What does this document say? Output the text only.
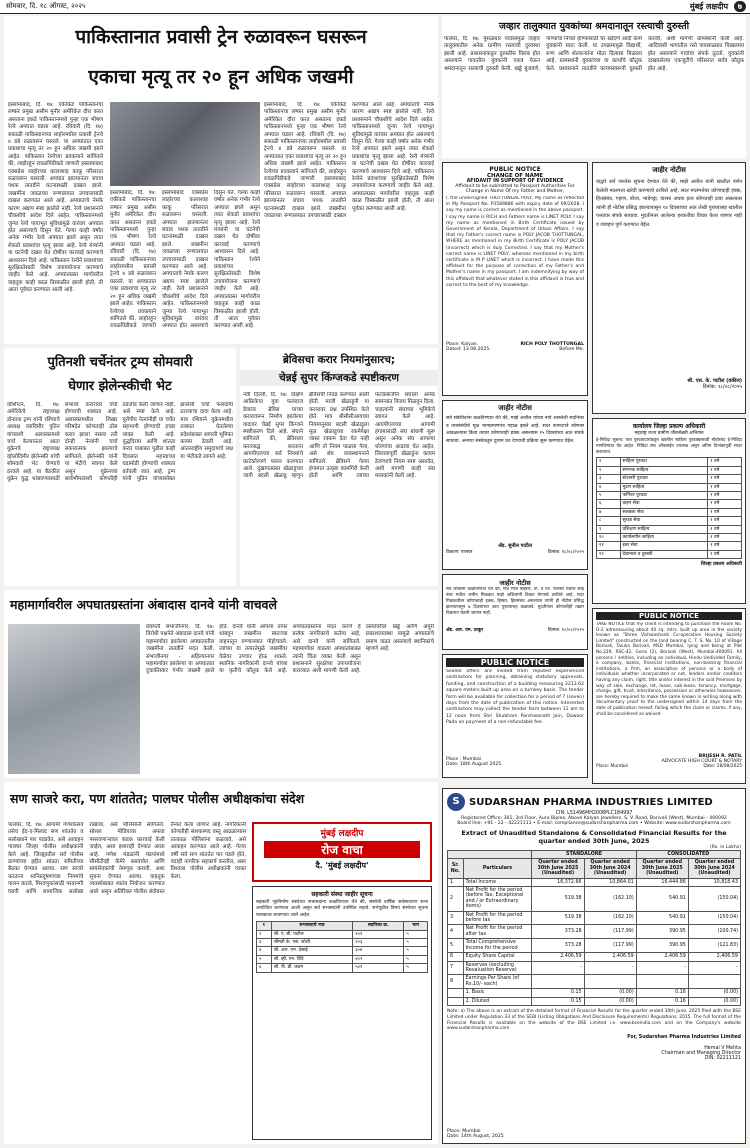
सोमवार, दि. १८ ऑगस्ट, २०२५	मुंबई लक्षदीप	७
पाकिस्तानात प्रवासी ट्रेन रुळावरून घसरून
एकाचा मृत्यू तर २० हून अधिक जखमी
इस्लामाबाद, दि. १७: एकीकडे पाकिस्तानचा लष्कर प्रमुख असीम मुनीर अमेरिकेत दौरा करत असताना इकडे पाकिस्तानमध्ये पुन्हा एक भीषण रेल्वे अपघात घडला आहे. रविवारी (दि. १७) सकाळी पाकिस्तानच्या लाहोरमधील प्रवासी ट्रेनचे ४ डबे रुळावरून घसरले. या अपघातात एका प्रवाशाचा मृत्यू तर २० हून अधिक जखमी झाले आहेत. पाकिस्तान रेल्वेच्या प्रवक्त्याने सांगितले की, लाहोरहून रावळपिंडीकडे जाणारी इस्लामाबाद एक्सप्रेस लाहोरच्या कालाशाह काकू परिसरात रुळावरून घसरली. अपघात झाल्यानंतर बचाव पथक तातडीने घटनास्थळी दाखल झाले. जखमींना जवळच्या रुग्णालयात उपचारासाठी दाखल करण्यात आले आहे. अपघाताचे नेमके कारण अद्याप स्पष्ट झालेले नाही. रेल्वे प्रशासनाने चौकशीचे आदेश दिले आहेत. पाकिस्तानमध्ये जुन्या रेल्वे पायाभूत सुविधांमुळे वारंवार अपघात होत असल्याचे दिसून येते. गेल्या काही वर्षांत अनेक गंभीर रेल्वे अपघात झाले असून त्यात शेकडो प्रवाशांचा मृत्यू झाला आहे. रेल्वे मंत्र्यांनी या घटनेची दखल घेत दोषींवर कारवाई करण्याचे आश्वासन दिले आहे. पाकिस्तान रेल्वेने प्रवाशांच्या सुरक्षिततेसाठी विशेष उपाययोजना करण्याचे जाहीर केले आहे. अपघातग्रस्त मार्गावरील वाहतूक काही काळ विस्कळीत झाली होती, ती आता पूर्ववत करण्यात आली आहे.
इस्लामाबाद, दि. १७: एकीकडे पाकिस्तानचा लष्कर प्रमुख असीम मुनीर अमेरिकेत दौरा करत असताना इकडे पाकिस्तानमध्ये पुन्हा एक भीषण रेल्वे अपघात घडला आहे. रविवारी (दि. १७) सकाळी पाकिस्तानच्या लाहोरमधील प्रवासी ट्रेनचे ४ डबे रुळावरून घसरले. या अपघातात एका प्रवाशाचा मृत्यू तर २० हून अधिक जखमी झाले आहेत. पाकिस्तान रेल्वेच्या प्रवक्त्याने सांगितले की, लाहोरहून रावळपिंडीकडे जाणारी इस्लामाबाद एक्सप्रेस लाहोरच्या कालाशाह काकू परिसरात रुळावरून घसरली. अपघात झाल्यानंतर बचाव पथक तातडीने घटनास्थळी दाखल झाले. जखमींना जवळच्या रुग्णालयात उपचारासाठी दाखल करण्यात आले आहे. अपघाताचे नेमके कारण अद्याप स्पष्ट झालेले नाही. रेल्वे प्रशासनाने चौकशीचे आदेश दिले आहेत. पाकिस्तानमध्ये जुन्या रेल्वे पायाभूत सुविधांमुळे वारंवार अपघात होत असल्याचे दिसून येते. गेल्या काही वर्षांत अनेक गंभीर रेल्वे अपघात झाले असून त्यात शेकडो प्रवाशांचा मृत्यू झाला आहे. रेल्वे मंत्र्यांनी या घटनेची दखल घेत दोषींवर कारवाई करण्याचे आश्वासन दिले आहे. पाकिस्तान रेल्वेने प्रवाशांच्या सुरक्षिततेसाठी विशेष उपाययोजना करण्याचे जाहीर केले आहे. अपघातग्रस्त मार्गावरील वाहतूक काही काळ विस्कळीत झाली होती, ती आता पूर्ववत करण्यात आली आहे.
इस्लामाबाद, दि. १७: एकीकडे पाकिस्तानचा लष्कर प्रमुख असीम मुनीर अमेरिकेत दौरा करत असताना इकडे पाकिस्तानमध्ये पुन्हा एक भीषण रेल्वे अपघात घडला आहे. रविवारी (दि. १७) सकाळी पाकिस्तानच्या लाहोरमधील प्रवासी ट्रेनचे ४ डबे रुळावरून घसरले. या अपघातात एका प्रवाशाचा मृत्यू तर २० हून अधिक जखमी झाले आहेत. पाकिस्तान रेल्वेच्या प्रवक्त्याने सांगितले की, लाहोरहून रावळपिंडीकडे जाणारी इस्लामाबाद एक्सप्रेस लाहोरच्या कालाशाह काकू परिसरात रुळावरून घसरली. अपघात झाल्यानंतर बचाव पथक तातडीने घटनास्थळी दाखल झाले. जखमींना जवळच्या रुग्णालयात उपचारासाठी दाखल करण्यात आले आहे. अपघाताचे नेमके कारण अद्याप स्पष्ट झालेले नाही. रेल्वे प्रशासनाने चौकशीचे आदेश दिले आहेत. पाकिस्तानमध्ये जुन्या रेल्वे पायाभूत सुविधांमुळे वारंवार अपघात होत असल्याचे दिसून येते. गेल्या काही वर्षांत अनेक गंभीर रेल्वे अपघात झाले असून त्यात शेकडो प्रवाशांचा मृत्यू झाला आहे. रेल्वे मंत्र्यांनी या घटनेची दखल घेत दोषींवर कारवाई करण्याचे आश्वासन दिले आहे. पाकिस्तान रेल्वेने प्रवाशांच्या सुरक्षिततेसाठी विशेष उपाययोजना करण्याचे जाहीर केले आहे. अपघातग्रस्त मार्गावरील वाहतूक काही काळ विस्कळीत झाली होती, ती आता पूर्ववत करण्यात आली आहे.
जव्हार तालुक्यात युवकांच्या श्रमदानातून रस्त्याची दुरुस्ती
पालघर, दि. १७: मुसळधार पावसामुळे जव्हार तालुक्यातील अनेक ग्रामीण रस्त्यांची दुरवस्था झाली आहे. प्रशासनाकडून दुरुस्तीस विलंब होत असल्याने गावातील युवकांनी एकत्र येऊन श्रमदानातून रस्त्याची दुरुस्ती केली. खड्डे बुजवणे, पाण्याचा निचरा होण्यासाठी चर खोदणे आदी कामे युवकांनी स्वतः केली. या उपक्रमामुळे विद्यार्थी, रुग्ण आणि शेतकऱ्यांना मोठा दिलासा मिळाला आहे. ग्रामस्थांनी युवकांच्या या कार्याचे कौतुक केले. प्रशासनाने तातडीने कायमस्वरूपी दुरुस्ती करावी, अशी मागणी ग्रामस्थांनी केली आहे. आदिवासी भागातील रस्ते पावसाळ्यात चिखलमय होत असल्याने गावांचा संपर्क तुटतो. युवकांनी दाखवलेल्या एकजुटीचे परिसरात सर्वत्र कौतुक होत आहे.
PUBLIC NOTICE
CHANGE OF NAME
AFIDAVIT IN SUPPORT OF EVIDENCE
Affidavit to be submitted to Passport Authorities For Change in Name Of my Father and Mother,
I, the undersigned THOTTUNGAL POLY, My name as reflected in My Passport No. P3589886 with expiry date of 09/2028. I say my name is correct as mentioned in the above passport. I say my name is RICH and Fathers name is LINET POLY. I say my name as mentioned in Birth Certificate issued by Government of Kerala, Department of Urban Affairs. I say that my Father's correct name is POLY JACOB THOTTUNGAL, WHERE as mentioned in my Birth Certificate is POLY JACOB (incorrect) which is duly Corrected. I say that my Mother's correct name is LINET POLY, whereas mentioned in my birth certificate is M P LINET which is incorrect. I have made this affidavit for the purpose of correction of my Father's and Mother's name in my passport. I am indemnifying by way of this affidavit that whatever stated in this affidavit is true and correct to the best of my knowledge.
Place: Kalyan.
Dated: 13.08.2025.
RICH POLY THOTTUNGAL
Before Me.
जाहीर नोटीस
याद्वारे सर्व जनतेस सूचना देण्यात येते की, माझे अशील यांनी खालील वर्णन केलेली मालमत्ता खरेदी करण्याचे ठरविले आहे. सदर मालमत्तेवर कोणाचाही हक्क, हितसंबंध, गहाण, बोजा, भाडेपट्टा, वारसा अथवा इतर कोणताही दावा असल्यास त्यांनी ही नोटीस प्रसिद्ध झाल्यापासून १४ दिवसांच्या आत लेखी पुराव्यासह खालील पत्त्यावर संपर्क साधावा. मुदतीनंतर आलेल्या हरकतींचा विचार केला जाणार नाही व व्यवहार पूर्ण करण्यात येईल.
श्री. एस. के. पाटील (वकील)
दिनांक: १८/०८/२०२५
पुतिनशी चर्चेनंतर ट्रम्प सोमवारी
घेणार झेलेन्स्कीची भेट
वॉशिंग्टन, दि. १७: अमेरिकेचे राष्ट्राध्यक्ष डोनाल्ड ट्रम्प यांनी रशियाचे अध्यक्ष व्लादिमीर पुतिन यांच्याशी अलास्कामध्ये चर्चा केल्यानंतर आता युक्रेनचे राष्ट्राध्यक्ष व्होलोदिमीर झेलेन्स्की यांची सोमवारी भेट घेण्याचे ठरवले आहे. या बैठकीत युक्रेन युद्ध थांबवण्यासाठी संभाव्य करारावर चर्चा होण्याची शक्यता आहे. अलास्कामधील शिखर परिषदेत कोणताही ठोस करार झाला नसला तरी दोन्ही नेत्यांनी चर्चा सकारात्मक झाल्याचे सांगितले. झेलेन्स्की यांनी या भेटीचे स्वागत केले असून युक्रेनच्या सार्वभौमत्वाशी कोणतीही तडजोड केली जाणार नाही, असे स्पष्ट केले आहे. युरोपीय नेत्यांनीही या चर्चेत सहभागी होण्याची इच्छा व्यक्त केली आहे. युद्धविराम आणि शांतता करार याबाबत पुढील काही दिवसांत महत्त्वाच्या घडामोडी होण्याची शक्यता वर्तवली जात आहे. ट्रम्प यांनी पुतिन यांच्यासोबत झालेली चर्चा फलदायी ठरल्याचा दावा केला आहे. मात्र रशियाने युक्रेनमधील ताब्यात घेतलेल्या प्रदेशांबाबत आपली भूमिका कायम ठेवली आहे. आंतरराष्ट्रीय समुदायाचे लक्ष या भेटीकडे लागले आहे.
ब्रेविसचा करार नियमांनुसारच;
चेन्नई सुपर किंग्जकडे स्पष्टीकरण
नवी दिल्ली, दि. १७: दक्षिण आफ्रिकेचा युवा फलंदाज डेवाल्ड ब्रेविस याच्या करारावरून निर्माण झालेल्या वादावर चेन्नई सुपर किंग्जने स्पष्टीकरण दिले आहे. संघाने सांगितले की, ब्रेविसला करारबद्ध करताना आयपीएलच्या सर्व नियमांचे काटेकोरपणे पालन करण्यात आले. दुखापतग्रस्त खेळाडूच्या जागी बदली खेळाडू म्हणून ब्रेविसची निवड करण्यात आली होती. माजी खेळाडूंनी या करारावर प्रश्न उपस्थित केले होते. मात्र बीसीसीआयच्या नियमानुसार बदली खेळाडूला मूळ खेळाडूच्या रकमेपेक्षा जास्त रक्कम देता येत नाही आणि तो नियम पाळला गेला, असे संघ व्यवस्थापनाने सांगितले. ब्रेविसने गेल्या हंगामात उत्कृष्ट कामगिरी केली होती आणि त्याच्या फटकेबाजीने संघाला अनेक सामन्यांत विजय मिळवून दिला. चाहत्यांनी संघाच्या भूमिकेचे स्वागत केले आहे. आयपीएलच्या आगामी हंगामासाठी संघ बांधणी सुरू असून अनेक संघ आपल्या धोरणांचा आढावा घेत आहेत. लिलावापूर्वी खेळाडूंना कायम ठेवण्याचे नियम स्पष्ट असावेत, अशी मागणी काही संघ मालकांनी केली आहे.
जाहीर नोटीस
सर्व संबंधितांना कळविण्यात येते की, माझे अशील यांच्या नावे असलेली सदनिका व त्यासंबंधीचे मूळ भागप्रमाणपत्र गहाळ झाले आहे. सदर कागदपत्रे कोणास आढळल्यास किंवा त्यावर कोणाचाही हक्क असल्यास १५ दिवसांच्या आत संपर्क साधावा. अन्यथा संस्थेकडून दुय्यम प्रत देण्याची प्रक्रिया सुरू करण्यात येईल.
ॲड. सुनील पाटील
ठिकाण: पालघर	दिनांक: १८/०८/२०२५
कार्यालय जिल्हा प्रकल्प अधिकारी
महाराष्ट्र राज्य ग्रामीण जीवनोन्नती अभियान
ई-निविदा सूचना: पात्र पुरवठादारांकडून खालील साहित्य पुरवठ्यासाठी मोहोरबंद ई-निविदा मागविण्यात येत आहेत. निविदा संच ऑनलाईन उपलब्ध असून अंतिम दिनांकापूर्वी सादर कराव्यात.
१	साहित्य पुरवठा	१ वर्ष
२	संगणक साहित्य	१ वर्ष
३	स्टेशनरी पुरवठा	१ वर्ष
४	मुद्रण साहित्य	१ वर्ष
५	फर्निचर पुरवठा	१ वर्ष
६	वाहन सेवा	१ वर्ष
७	स्वच्छता सेवा	१ वर्ष
८	सुरक्षा सेवा	१ वर्ष
९	प्रशिक्षण साहित्य	१ वर्ष
१०	कार्यालयीन साहित्य	१ वर्ष
११	इतर सेवा	१ वर्ष
१२	देखभाल व दुरुस्ती	१ वर्ष
जिल्हा प्रकल्प अधिकारी
जाहीर नोटीस
सर्व लोकांना कळविण्यात येते की, गाव मौजे बोईसर, ता. व जि. पालघर येथील सर्व्हे नंबर मधील जमीन मिळकत माझे अशिलांनी विकत घेण्याचे ठरविले आहे. सदर मिळकतीवर कोणाचाही हक्क, हिस्सा, हितसंबंध असल्यास त्यांनी ही नोटीस प्रसिद्ध झाल्यापासून ७ दिवसांच्या आत पुराव्यासह कळवावे. मुदतीनंतर कोणाचीही तक्रार विचारात घेतली जाणार नाही.
ॲड. आर. एम. ठाकूर	दिनांक: १८/०८/२०२५
PUBLIC NOTICE
Sealed offers are invited from reputed experienced contractors for planning, obtaining statutory approvals, funding, and construction of a building measuring 2213.62 square meters built up area on a turnkey basis. The tender form will be available for collection for a period of 7 (seven) days from the date of publication of this notice. Interested contractors may collect the tender form between 11 am to 12 noon from Shri Shubham Parshwanath Jain, Dawoor Pada on payment of a non-refundable fee.
Place : Mumbai
Date: 18th August 2025
PUBLIC NOTICE
TAKE NOTICE that my client is intending to purchase the Room No. D-2 admeasuring about 40 sq. mtrs. built up area in the society known as "Shree Vishwashanti Co-operative Housing Society Limited" constructed on the land bearing C. T. S. No. 10 of Village Borivali, Taluka Borivali, MSD Mumbai, lying and being at Plot No.229, RSC-42, Gorai (2), Borivali (West), Mumbai-400091. All persons / entities, including an individual, Hindu Undivided Family, a company, banks, financial institutions, non-banking financial institutions, a firm, an association of persons or a body of individuals whether incorporated or not, lenders and/or creditors having any claim, right, title and/or interest in the said Premises by way of sale, exchange, let, lease, sub-lease, tenancy, mortgage, charge, gift, trust, inheritance, possession or otherwise howsoever, are hereby required to make the same known in writing along with documentary proof to the undersigned within 14 days from the date of publication hereof, failing which the claim or claims, if any, shall be considered as waived.
BRIJESH R. PATIL
ADVOCATE HIGH COURT & NOTARY
Place: Mumbai	Date: 18/08/2025
महामार्गावरील अपघातग्रस्तांना अंबादास दानवे यांनी वाचवले
छत्रपती संभाजीनगर, दि. १७: विरोधी पक्षनेते अंबादास दानवे यांनी महामार्गावर झालेल्या अपघातातील जखमींना तातडीने मदत केली. संभाजीनगर - अहिल्यानगर महामार्गावर झालेल्या या अपघातात दुचाकीस्वार गंभीर जखमी झाले होते. दानवे यांनी आपला ताफा थांबवून जखमींना स्वतःच्या वाहनातून रुग्णालयात पोहोचवले. त्यांच्या या तत्परतेमुळे जखमींवर वेळेवर उपचार होऊ शकले. स्थानिक नागरिकांनी दानवे यांच्या या कृतीचे कौतुक केले आहे. अपघातग्रस्तांना मदत करणे हे प्रत्येक नागरिकाचे कर्तव्य आहे, असे दानवे यांनी सांगितले. महामार्गावर वाढत्या अपघातांबाबत त्यांनी चिंता व्यक्त केली असून प्रशासनाने सुरक्षेच्या उपाययोजना कराव्यात अशी मागणी केली आहे. रस्त्यांवरील खड्डे आणि अपुरी प्रकाशव्यवस्था यामुळे अपघातांचे प्रमाण वाढत असल्याचे स्थानिकांचे म्हणणे आहे.
सण साजरे करा, पण शांततेत; पालघर पोलीस अधीक्षकांचा संदेश
पालघर, दि. १७: आगामी गणेशोत्सव तसेच ईद-ए-मिलाद सण शांततेत व सलोख्याने पार पाडावेत, असे आवाहन पालघर जिल्हा पोलीस अधीक्षकांनी केले आहे. जिल्ह्यातील सर्व पोलीस ठाण्यांच्या हद्दीत शांतता समितीच्या बैठका घेण्यात आल्या. सण साजरे करताना ध्वनिप्रदूषणाच्या नियमांचे पालन करावे, मिरवणुकांसाठी परवानगी घ्यावी आणि सामाजिक सलोखा राखावा, असे पोलिसांनी सांगितले. सोशल मीडियावर अफवा पसरवणाऱ्यांवर कडक कारवाई केली जाईल, असा इशाराही देण्यात आला आहे. गणेश मंडळांनी मंडपांमध्ये सीसीटीव्ही कॅमेरे बसवावेत आणि स्वयंसेवकांची नेमणूक करावी, अशा सूचना देण्यात आल्या. वाहतूक व्यवस्थेबाबत स्वतंत्र नियोजन करण्यात आले असून अतिरिक्त पोलीस बंदोबस्त तैनात केला जाणार आहे. नागरिकांनी कोणतीही संशयास्पद वस्तू आढळल्यास तात्काळ पोलिसांना कळवावे, असे आवाहन करण्यात आले आहे. गेल्या वर्षी सर्व सण शांततेत पार पडले होते, यंदाही नागरिक सहकार्य करतील, असा विश्वास पोलीस अधीक्षकांनी व्यक्त केला.
मुंबई लक्षदीप
रोज वाचा
दै. 'मुंबई लक्षदीप'
सहकारी संस्था जाहीर सूचना
सहकारी गृहनिर्माण संस्थेच्या सभासदांना कळविण्यात येते की, संस्थेची वार्षिक सर्वसाधारण सभा आयोजित करण्यात आली असून सर्व सभासदांनी उपस्थित राहावे. सभेपुढील विषय संस्थेच्या सूचना फलकावर लावण्यात आले आहेत.
१	सभासदाचे नाव	सदनिका क्र.	भाग
२	श्री. ए. बी. पाटील	१०१	५
३	श्रीमती के. एस. जोशी	२०३	५
४	श्री. आर. एम. देसाई	३०४	५
५	श्री. व्ही. एन. शिंदे	४०२	५
६	श्री. पी. डी. कदम	५०१	५
S SUDARSHAN PHARMA INDUSTRIES LIMITED
CIN: L51496MH2008PLC184997
Registered Office: 301, 3rd Floor, Aura Biplex, Above Kalyan Jewellers, S. V. Road, Borivali (West), Mumbai - 400092
Board line: +91 - 22 - 42221111 • E-mail: compliance@sudarshanpharma.com • Website: www.sudarshanpharma.com
Extract of Unaudited Standalone & Consolidated Financial Results for the quarter ended 30th June, 2025
(Rs. in Lakhs)
		STANDALONE		CONSOLIDATED	
Sr. No.	Particulars	Quarter ended 30th June 2025 (Unaudited)	Quarter ended 30th June 2024 (Unaudited)	Quarter ended 30th June 2025 (Unaudited)	Quarter ended 30th June 2024 (Unaudited)
1	Total Income	16,372.66	10,864.01	16,444.86	10,818.43
2	Net Profit for the period (before Tax, Exceptional and / or Extraordinary items)	519.38	(162.10)	540.91	(150.04)
3	Net Profit for the period before tax	519.38	(162.10)	540.91	(150.04)
4	Net Profit for the period after tax	373.28	(117.99)	390.95	(100.74)
5	Total Comprehensive Income for the period	373.28	(117.99)	390.95	(121.83)
6	Equity Share Capital	2,406.59	2,406.59	2,406.59	2,406.59
7	Reserves (excluding Revaluation Reserve)	-	-	-	-
8	Earnings Per Share (of Rs.10/- each)				
	1. Basic	0.15	(0.00)	0.16	(0.00)
	2. Diluted	0.15	(0.00)	0.16	(0.00)
Note: a) The above is an extract of the detailed format of Financial Results for the quarter ended 30th June, 2025 filed with the BSE Limited under Regulation 33 of the SEBI (Listing Obligations And Disclosure Requirements) Regulations, 2015. The full format of the Financial Results is available on the website of the BSE Limited i.e. www.bseindia.com and on the Company's website www.sudarshanpharma.com
For, Sudarshan Pharma Industries Limited
Hemal V Mehta
Chairman and Managing Director
DIN: 02211121
Place: Mumbai
Date: 14th August, 2025
